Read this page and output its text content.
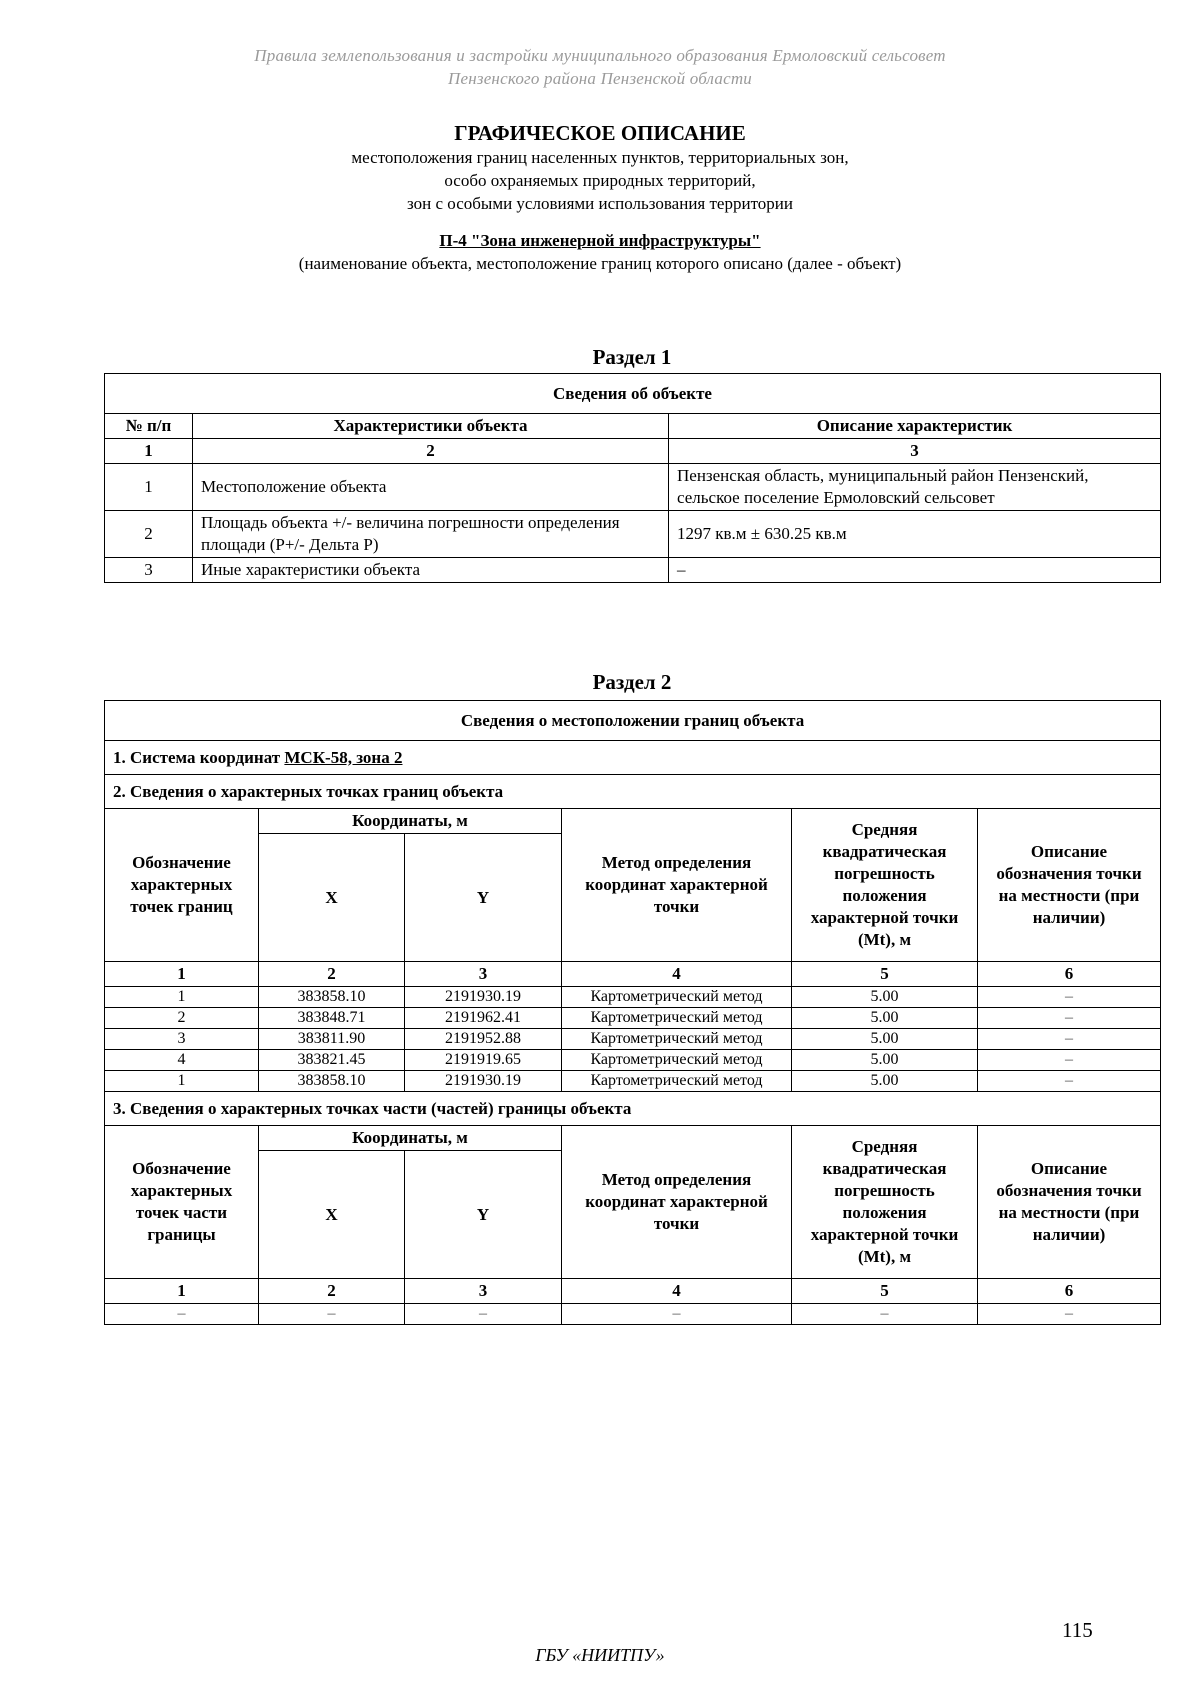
Правила землепользования и застройки муниципального образования Ермоловский сельсовет
Пензенского района Пензенской области
ГРАФИЧЕСКОЕ ОПИСАНИЕ
местоположения границ населенных пунктов, территориальных зон,
особо охраняемых природных территорий,
зон с особыми условиями использования территории
П-4 "Зона инженерной инфраструктуры"
(наименование объекта, местоположение границ которого описано (далее - объект)
Раздел 1
Сведения об объекте		
№ п/п	Характеристики объекта	Описание характеристик
1	2	3
1	Местоположение объекта	Пензенская область, муниципальный район Пензенский, сельское поселение Ермоловский сельсовет
2	Площадь объекта +/- величина погрешности определения площади (Р+/- Дельта Р)	1297 кв.м ± 630.25 кв.м
3	Иные характеристики объекта	–
Раздел 2
Сведения о местоположении границ объекта					
1. Система координат МСК-58, зона 2					
2. Сведения о характерных точках границ объекта					
Обозначение характерных точек границ	Координаты, м		Метод определения координат характерной точки	Средняя квадратическая погрешность положения характерной точки (Mt), м	Описание обозначения точки на местности (при наличии)
	X	Y			
1	2	3	4	5	6
1	383858.10	2191930.19	Картометрический метод	5.00	–
2	383848.71	2191962.41	Картометрический метод	5.00	–
3	383811.90	2191952.88	Картометрический метод	5.00	–
4	383821.45	2191919.65	Картометрический метод	5.00	–
1	383858.10	2191930.19	Картометрический метод	5.00	–
3. Сведения о характерных точках части (частей) границы объекта					
Обозначение характерных точек части границы	Координаты, м		Метод определения координат характерной точки	Средняя квадратическая погрешность положения характерной точки (Mt), м	Описание обозначения точки на местности (при наличии)
	X	Y			
1	2	3	4	5	6
–	–	–	–	–	–
115
ГБУ «НИИТПУ»
